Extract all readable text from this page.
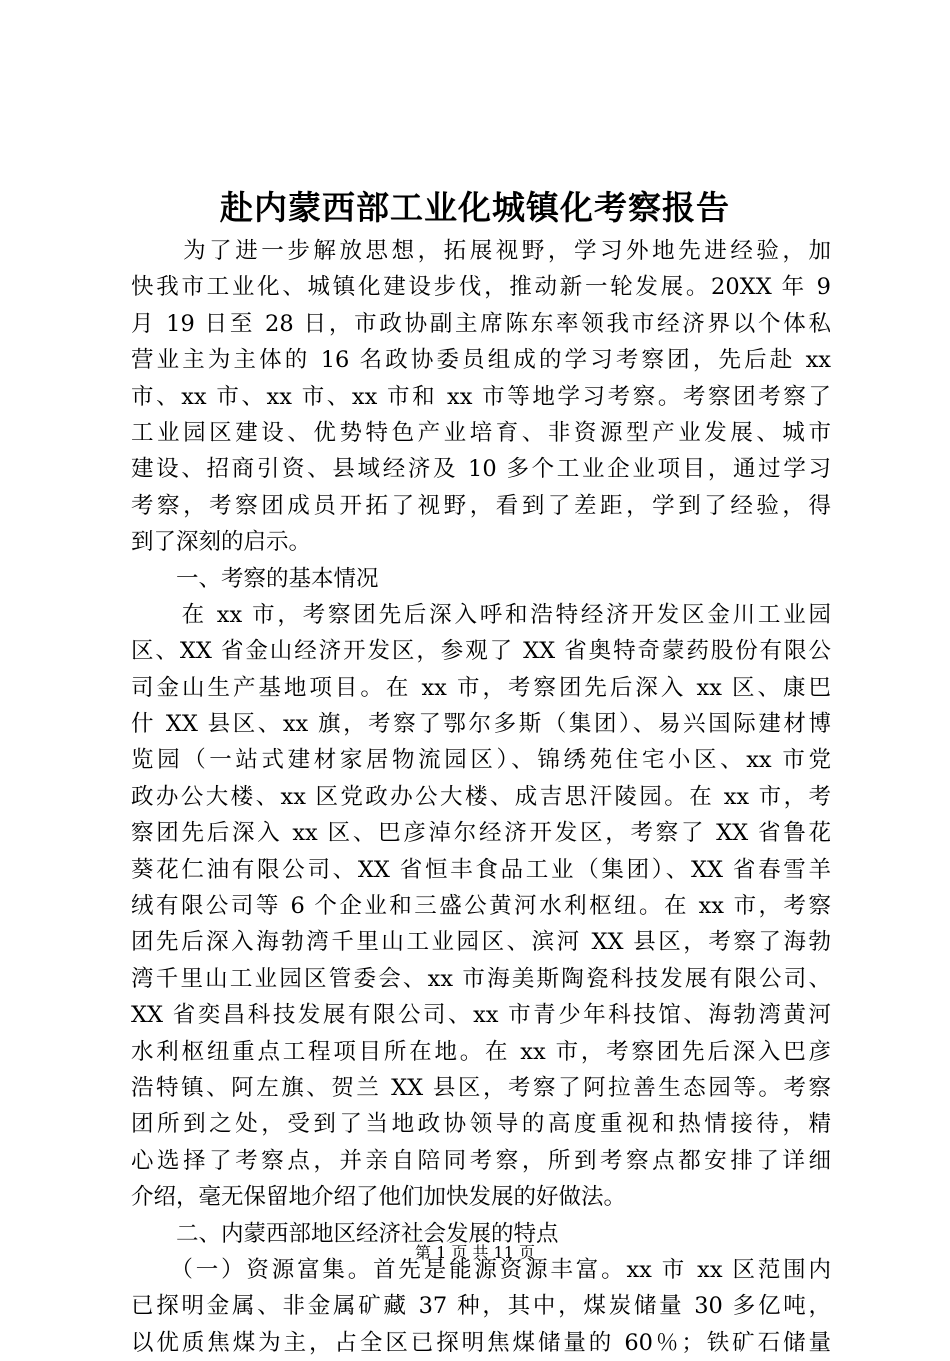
赴内蒙西部工业化城镇化考察报告
　　为了进一步解放思想，拓展视野，学习外地先进经验，加
快我市工业化、城镇化建设步伐，推动新一轮发展。20XX 年 9
月 19 日至 28 日，市政协副主席陈东率领我市经济界以个体私
营业主为主体的 16 名政协委员组成的学习考察团，先后赴 xx
市、xx 市、xx 市、xx 市和 xx 市等地学习考察。考察团考察了
工业园区建设、优势特色产业培育、非资源型产业发展、城市
建设、招商引资、县域经济及 10 多个工业企业项目，通过学习
考察，考察团成员开拓了视野，看到了差距，学到了经验，得
到了深刻的启示。
　　一、考察的基本情况
　　在 xx 市，考察团先后深入呼和浩特经济开发区金川工业园
区、XX 省金山经济开发区，参观了 XX 省奥特奇蒙药股份有限公
司金山生产基地项目。在 xx 市，考察团先后深入 xx 区、康巴
什 XX 县区、xx 旗，考察了鄂尔多斯（集团）、易兴国际建材博
览园（一站式建材家居物流园区）、锦绣苑住宅小区、xx 市党
政办公大楼、xx 区党政办公大楼、成吉思汗陵园。在 xx 市，考
察团先后深入 xx 区、巴彦淖尔经济开发区，考察了 XX 省鲁花
葵花仁油有限公司、XX 省恒丰食品工业（集团）、XX 省春雪羊
绒有限公司等 6 个企业和三盛公黄河水利枢纽。在 xx 市，考察
团先后深入海勃湾千里山工业园区、滨河 XX 县区，考察了海勃
湾千里山工业园区管委会、xx 市海美斯陶瓷科技发展有限公司、
XX 省奕昌科技发展有限公司、xx 市青少年科技馆、海勃湾黄河
水利枢纽重点工程项目所在地。在 xx 市，考察团先后深入巴彦
浩特镇、阿左旗、贺兰 XX 县区，考察了阿拉善生态园等。考察
团所到之处，受到了当地政协领导的高度重视和热情接待，精
心选择了考察点，并亲自陪同考察，所到考察点都安排了详细
介绍，毫无保留地介绍了他们加快发展的好做法。
　　二、内蒙西部地区经济社会发展的特点
　　（一）资源富集。首先是能源资源丰富。xx 市 xx 区范围内
已探明金属、非金属矿藏 37 种，其中，煤炭储量 30 多亿吨，
以优质焦煤为主，占全区已探明焦煤储量的 60％；铁矿石储量
第 1 页 共 11 页
